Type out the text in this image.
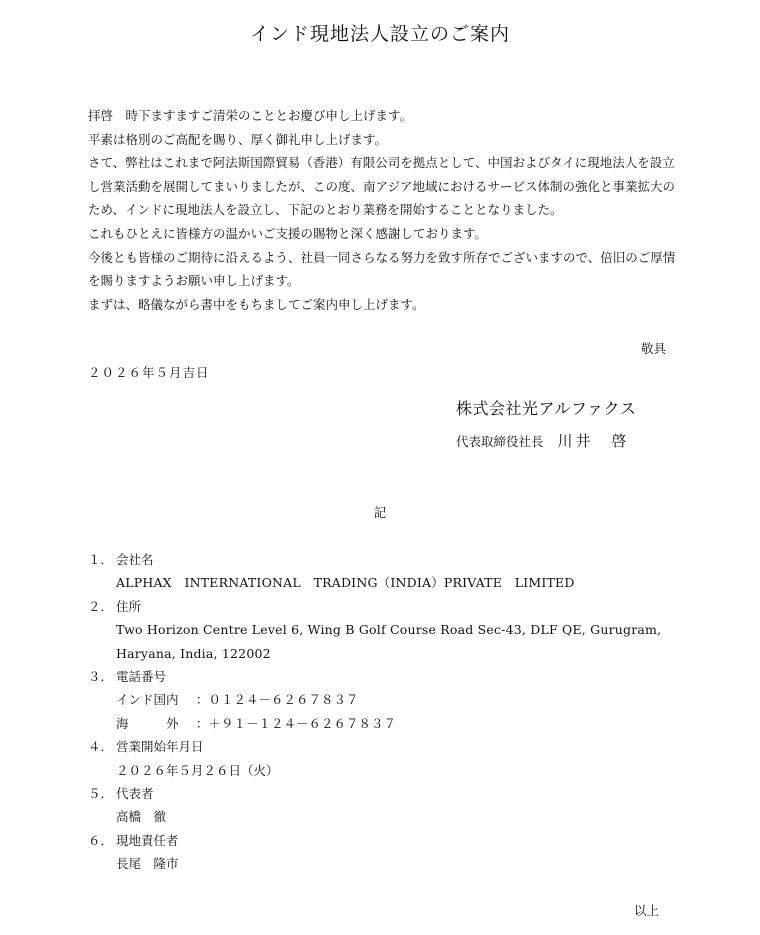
インド現地法人設立のご案内

拝啓　時下ますますご清栄のこととお慶び申し上げます。

平素は格別のご高配を賜り、厚く御礼申し上げます。

さて、弊社はこれまで阿法斯国際貿易（香港）有限公司を拠点として、中国およびタイに現地法人を設立し営業活動を展開してまいりましたが、この度、南アジア地域におけるサービス体制の強化と事業拡大のため、インドに現地法人を設立し、下記のとおり業務を開始することとなりました。

これもひとえに皆様方の温かいご支援の賜物と深く感謝しております。

今後とも皆様のご期待に沿えるよう、社員一同さらなる努力を致す所存でございますので、倍旧のご厚情を賜りますようお願い申し上げます。

まずは、略儀ながら書中をもちましてご案内申し上げます。

敬具
２０２６年５月吉日
株式会社光アルファクス
代表取締役社長 川井　啓
記
１． 会社名
ALPHAX　INTERNATIONAL　TRADING（INDIA）PRIVATE　LIMITED
２． 住所
Two Horizon Centre Level 6, Wing B Golf Course Road Sec-43, DLF QE, Gurugram,
Haryana, India, 122002
３． 電話番号
インド国内	：０１２４－６２６７８３７
海　　　外	：＋９１－１２４－６２６７８３７
４． 営業開始年月日
２０２６年５月２６日（火）
５． 代表者
高橋　徹
６． 現地責任者
長尾　隆市
以上
